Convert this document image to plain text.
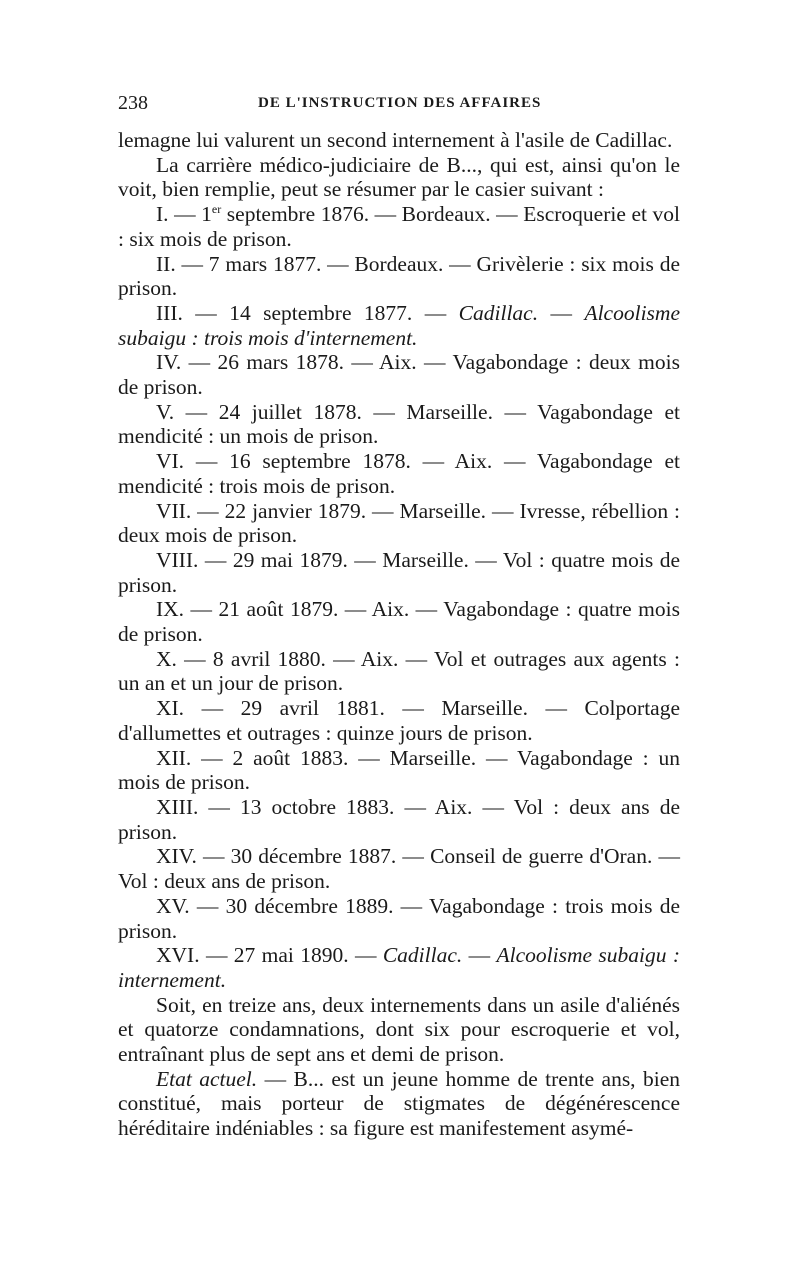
238	DE L'INSTRUCTION DES AFFAIRES

lemagne lui valurent un second internement à l'asile de Cadillac.

La carrière médico-judiciaire de B..., qui est, ainsi qu'on le voit, bien remplie, peut se résumer par le casier suivant :

I. — 1er septembre 1876. — Bordeaux. — Escroquerie et vol : six mois de prison.

II. — 7 mars 1877. — Bordeaux. — Grivèlerie : six mois de prison.

III. — 14 septembre 1877. — Cadillac. — Alcoolisme subaigu : trois mois d'internement.

IV. — 26 mars 1878. — Aix. — Vagabondage : deux mois de prison.

V. — 24 juillet 1878. — Marseille. — Vagabondage et mendicité : un mois de prison.

VI. — 16 septembre 1878. — Aix. — Vagabondage et mendicité : trois mois de prison.

VII. — 22 janvier 1879. — Marseille. — Ivresse, rébellion : deux mois de prison.

VIII. — 29 mai 1879. — Marseille. — Vol : quatre mois de prison.

IX. — 21 août 1879. — Aix. — Vagabondage : quatre mois de prison.

X. — 8 avril 1880. — Aix. — Vol et outrages aux agents : un an et un jour de prison.

XI. — 29 avril 1881. — Marseille. — Colportage d'allumettes et outrages : quinze jours de prison.

XII. — 2 août 1883. — Marseille. — Vagabondage : un mois de prison.

XIII. — 13 octobre 1883. — Aix. — Vol : deux ans de prison.

XIV. — 30 décembre 1887. — Conseil de guerre d'Oran. — Vol : deux ans de prison.

XV. — 30 décembre 1889. — Vagabondage : trois mois de prison.

XVI. — 27 mai 1890. — Cadillac. — Alcoolisme subaigu : internement.

Soit, en treize ans, deux internements dans un asile d'aliénés et quatorze condamnations, dont six pour escroquerie et vol, entraînant plus de sept ans et demi de prison.

Etat actuel. — B... est un jeune homme de trente ans, bien constitué, mais porteur de stigmates de dégénérescence héréditaire indéniables : sa figure est manifestement asymé-
